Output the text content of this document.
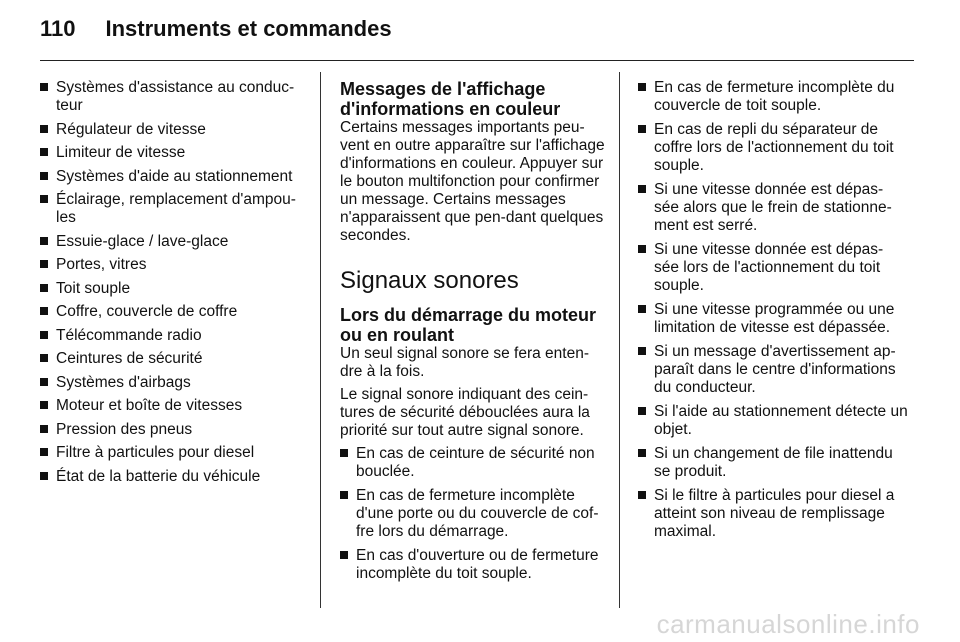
110 Instruments et commandes
Systèmes d'assistance au conduc-teur
Régulateur de vitesse
Limiteur de vitesse
Systèmes d'aide au stationnement
Éclairage, remplacement d'ampou-les
Essuie-glace / lave-glace
Portes, vitres
Toit souple
Coffre, couvercle de coffre
Télécommande radio
Ceintures de sécurité
Systèmes d'airbags
Moteur et boîte de vitesses
Pression des pneus
Filtre à particules pour diesel
État de la batterie du véhicule
Messages de l'affichage d'informations en couleur

Certains messages importants peu-vent en outre apparaître sur l'affichage d'informations en couleur. Appuyer sur le bouton multifonction pour confirmer un message. Certains messages n'apparaissent que pen-dant quelques secondes.

Signaux sonores
Lors du démarrage du moteur ou en roulant

Un seul signal sonore se fera enten-dre à la fois.

Le signal sonore indiquant des cein-tures de sécurité débouclées aura la priorité sur tout autre signal sonore.

En cas de ceinture de sécurité non bouclée.
En cas de fermeture incomplète d'une porte ou du couvercle de cof-fre lors du démarrage.
En cas d'ouverture ou de fermeture incomplète du toit souple.
En cas de fermeture incomplète du couvercle de toit souple.
En cas de repli du séparateur de coffre lors de l'actionnement du toit souple.
Si une vitesse donnée est dépas-sée alors que le frein de stationne-ment est serré.
Si une vitesse donnée est dépas-sée lors de l'actionnement du toit souple.
Si une vitesse programmée ou une limitation de vitesse est dépassée.
Si un message d'avertissement ap-paraît dans le centre d'informations du conducteur.
Si l'aide au stationnement détecte un objet.
Si un changement de file inattendu se produit.
Si le filtre à particules pour diesel a atteint son niveau de remplissage maximal.
carmanualsonline.info
